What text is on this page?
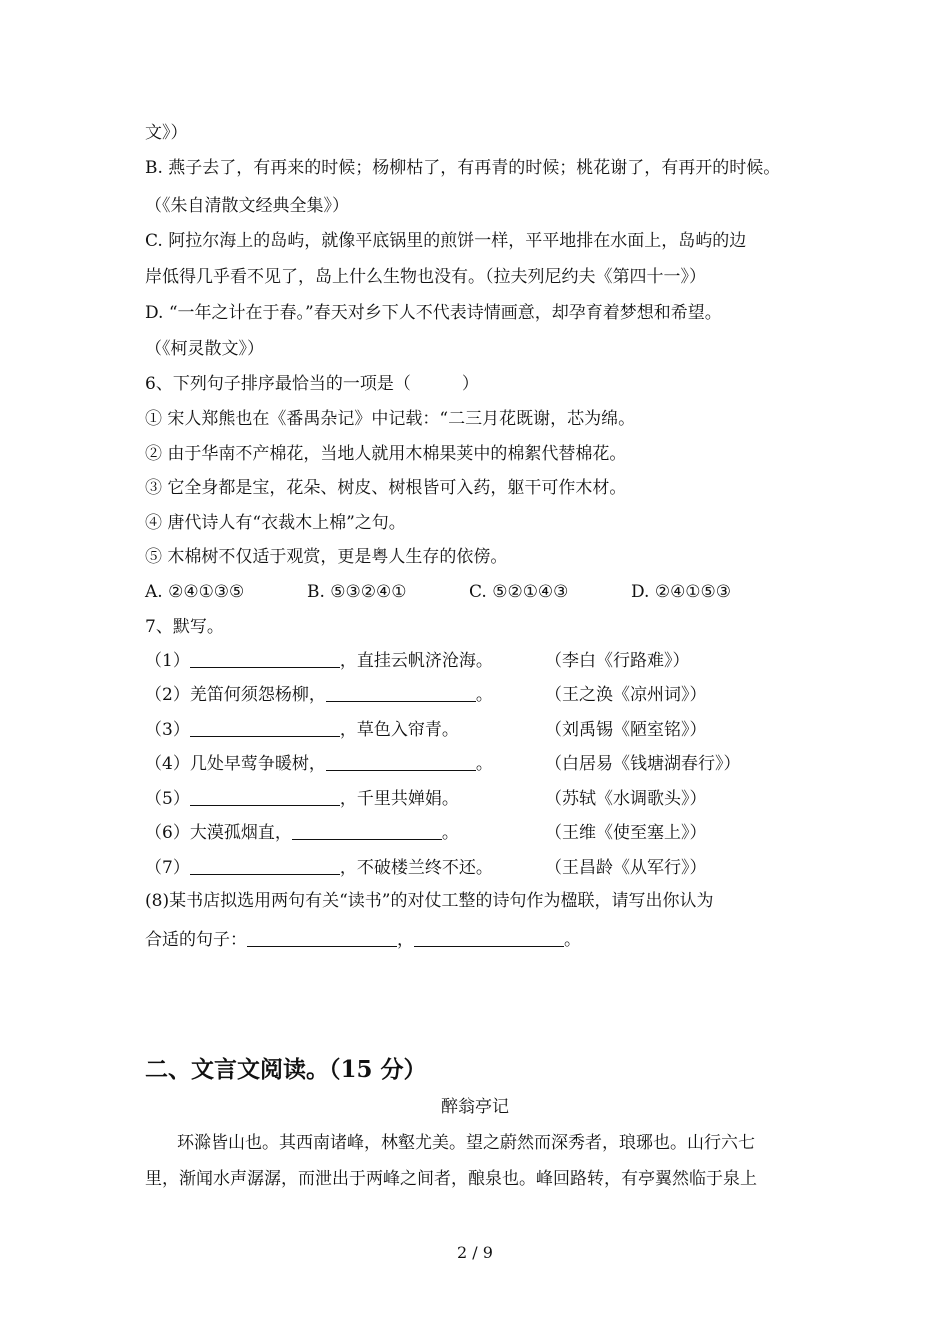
文》）
B. 燕子去了，有再来的时候；杨柳枯了，有再青的时候；桃花谢了，有再开的时候。
（《朱自清散文经典全集》）
C. 阿拉尔海上的岛屿，就像平底锅里的煎饼一样，平平地排在水面上，岛屿的边
岸低得几乎看不见了，岛上什么生物也没有。（拉夫列尼约夫《第四十一》）
D. “一年之计在于春。”春天对乡下人不代表诗情画意，却孕育着梦想和希望。
（《柯灵散文》）
6、下列句子排序最恰当的一项是（　　　）
① 宋人郑熊也在《番禺杂记》中记载：“二三月花既谢，芯为绵。
② 由于华南不产棉花，当地人就用木棉果荚中的棉絮代替棉花。
③ 它全身都是宝，花朵、树皮、树根皆可入药，躯干可作木材。
④ 唐代诗人有“衣裁木上棉”之句。
⑤ 木棉树不仅适于观赏，更是粤人生存的依傍。
A. ②④①③⑤	B. ⑤③②④①	C. ⑤②①④③	D. ②④①⑤③
7、默写。
（1）	，直挂云帆济沧海。	（李白《行路难》）
（2）羌笛何须怨杨柳，	。	（王之涣《凉州词》）
（3）	，草色入帘青。	（刘禹锡《陋室铭》）
（4）几处早莺争暖树，	。	（白居易《钱塘湖春行》）
（5）	，千里共婵娟。	（苏轼《水调歌头》）
（6）大漠孤烟直，	。	（王维《使至塞上》）
（7）	，不破楼兰终不还。	（王昌龄《从军行》）
(8)某书店拟选用两句有关“读书”的对仗工整的诗句作为楹联，请写出你认为
合适的句子：	，	。
二、文言文阅读。（15 分）
醉翁亭记
环滁皆山也。其西南诸峰，林壑尤美。望之蔚然而深秀者，琅琊也。山行六七
里，渐闻水声潺潺，而泄出于两峰之间者，酿泉也。峰回路转，有亭翼然临于泉上
2 / 9
